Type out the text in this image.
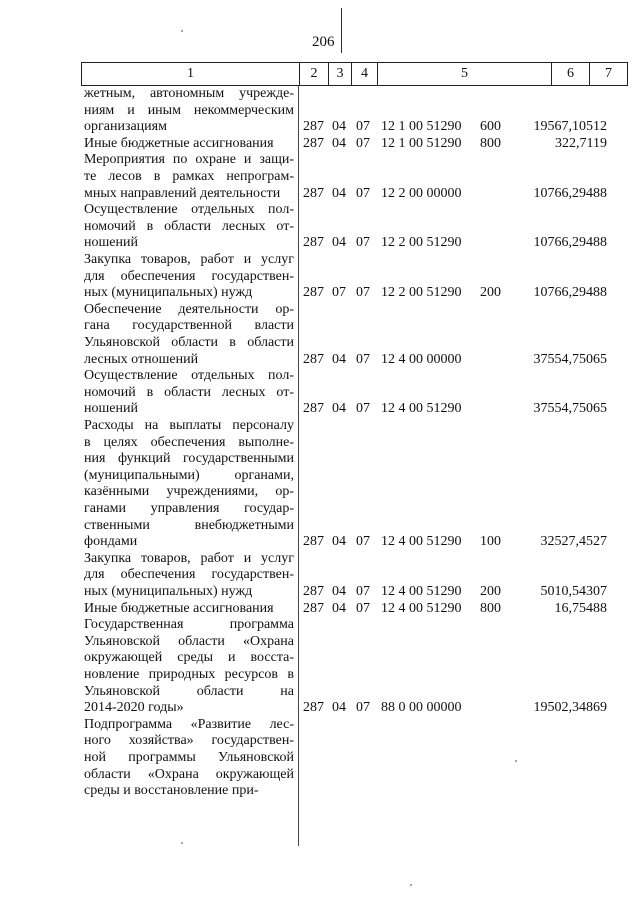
206
1	2	3	4	5	6	7
жетным, автономным учрежде-
ниям и иным некоммерческим
организациям	287 04 07 12 1 00 51290 600 19567,10512
Иные бюджетные ассигнования	287 04 07 12 1 00 51290 800	322,7119
Мероприятия по охране и защи-
те лесов в рамках непрограм-
мных направлений деятельности	287 04 07 12 2 00 00000	10766,29488
Осуществление отдельных пол-
номочий в области лесных от-
ношений	287 04 07 12 2 00 51290	10766,29488
Закупка товаров, работ и услуг
для обеспечения государствен-
ных (муниципальных) нужд	287 07 07 12 2 00 51290 200 10766,29488
Обеспечение деятельности ор-
гана государственной власти
Ульяновской области в области
лесных отношений	287 04 07 12 4 00 00000	37554,75065
Осуществление отдельных пол-
номочий в области лесных от-
ношений	287 04 07 12 4 00 51290	37554,75065
Расходы на выплаты персоналу
в целях обеспечения выполне-
ния функций государственными
(муниципальными) органами,
казёнными учреждениями, ор-
ганами управления государ-
ственными внебюджетными
фондами	287 04 07 12 4 00 51290 100	32527,4527
Закупка товаров, работ и услуг
для обеспечения государствен-
ных (муниципальных) нужд	287 04 07 12 4 00 51290 200	5010,54307
Иные бюджетные ассигнования	287 04 07 12 4 00 51290 800	16,75488
Государственная программа
Ульяновской области «Охрана
окружающей среды и восста-
новление природных ресурсов в
Ульяновской области на
2014-2020 годы»	287 04 07 88 0 00 00000	19502,34869
Подпрограмма «Развитие лес-
ного хозяйства» государствен-
ной программы Ульяновской
области «Охрана окружающей
среды и восстановление при-
